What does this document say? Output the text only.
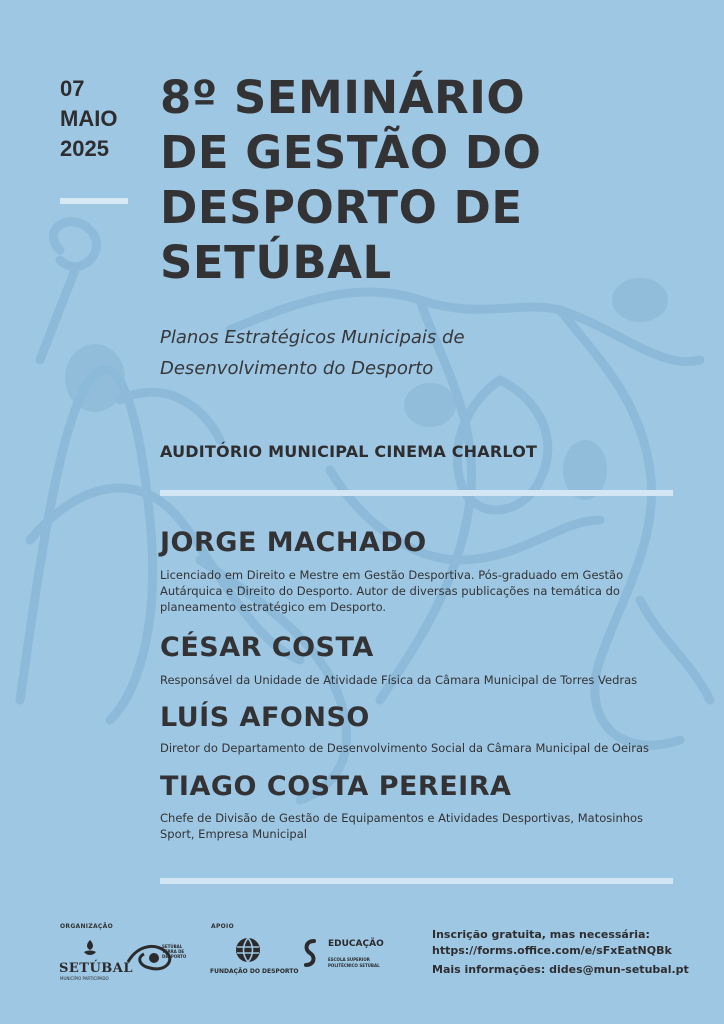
07
MAIO
2025
8º SEMINÁRIO
DE GESTÃO DO
DESPORTO DE
SETÚBAL
Planos Estratégicos Municipais de
Desenvolvimento do Desporto
AUDITÓRIO MUNICIPAL CINEMA CHARLOT
JORGE MACHADO
Licenciado em Direito e Mestre em Gestão Desportiva. Pós-graduado em Gestão
Autárquica e Direito do Desporto. Autor de diversas publicações na temática do
planeamento estratégico em Desporto.
CÉSAR COSTA
Responsável da Unidade de Atividade Física da Câmara Municipal de Torres Vedras
LUÍS AFONSO
Diretor do Departamento de Desenvolvimento Social da Câmara Municipal de Oeiras
TIAGO COSTA PEREIRA
Chefe de Divisão de Gestão de Equipamentos e Atividades Desportivas, Matosinhos
Sport, Empresa Municipal
ORGANIZAÇÃO
SETÚBAL
MUNICÍPIO PARTICIPADO
SETÚBAL TERRA DE DESPORTO
APOIO
FUNDAÇÃO DO DESPORTO
EDUCAÇÃO
ESCOLA SUPERIOR
POLITÉCNICO SETÚBAL
Inscrição gratuita, mas necessária:
https://forms.office.com/e/sFxEatNQBk
Mais informações: dides@mun-setubal.pt
